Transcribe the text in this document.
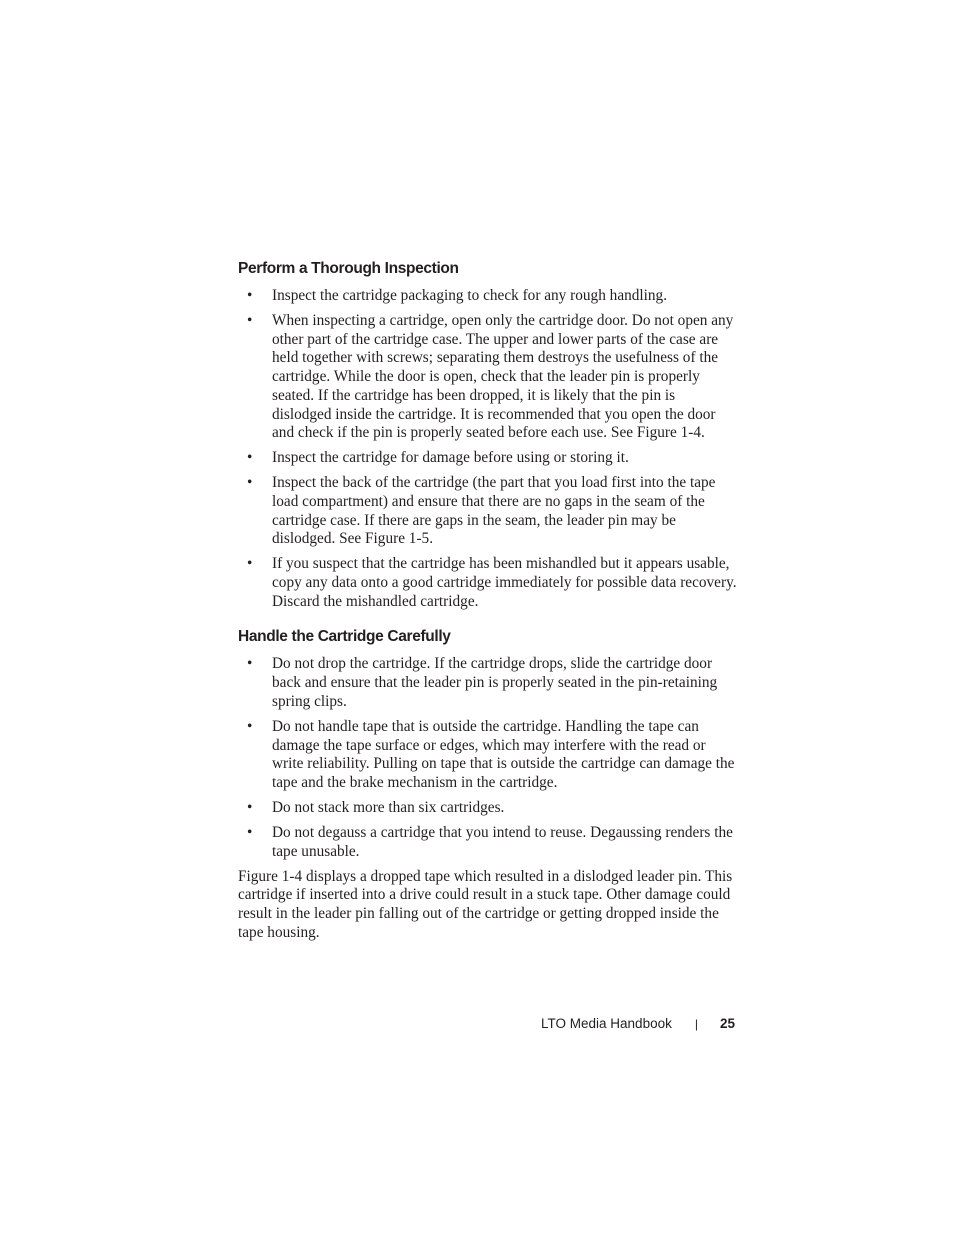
Perform a Thorough Inspection
• Inspect the cartridge packaging to check for any rough handling.
• When inspecting a cartridge, open only the cartridge door. Do not open any other part of the cartridge case. The upper and lower parts of the case are held together with screws; separating them destroys the usefulness of the cartridge. While the door is open, check that the leader pin is properly seated. If the cartridge has been dropped, it is likely that the pin is dislodged inside the cartridge. It is recommended that you open the door and check if the pin is properly seated before each use. See Figure 1-4.
• Inspect the cartridge for damage before using or storing it.
• Inspect the back of the cartridge (the part that you load first into the tape load compartment) and ensure that there are no gaps in the seam of the cartridge case. If there are gaps in the seam, the leader pin may be dislodged. See Figure 1-5.
• If you suspect that the cartridge has been mishandled but it appears usable, copy any data onto a good cartridge immediately for possible data recovery. Discard the mishandled cartridge.
Handle the Cartridge Carefully
• Do not drop the cartridge. If the cartridge drops, slide the cartridge door back and ensure that the leader pin is properly seated in the pin-retaining spring clips.
• Do not handle tape that is outside the cartridge. Handling the tape can damage the tape surface or edges, which may interfere with the read or write reliability. Pulling on tape that is outside the cartridge can damage the tape and the brake mechanism in the cartridge.
• Do not stack more than six cartridges.
• Do not degauss a cartridge that you intend to reuse. Degaussing renders the tape unusable.

Figure 1-4 displays a dropped tape which resulted in a dislodged leader pin. This cartridge if inserted into a drive could result in a stuck tape. Other damage could result in the leader pin falling out of the cartridge or getting dropped inside the tape housing.

LTO Media Handbook | 25
